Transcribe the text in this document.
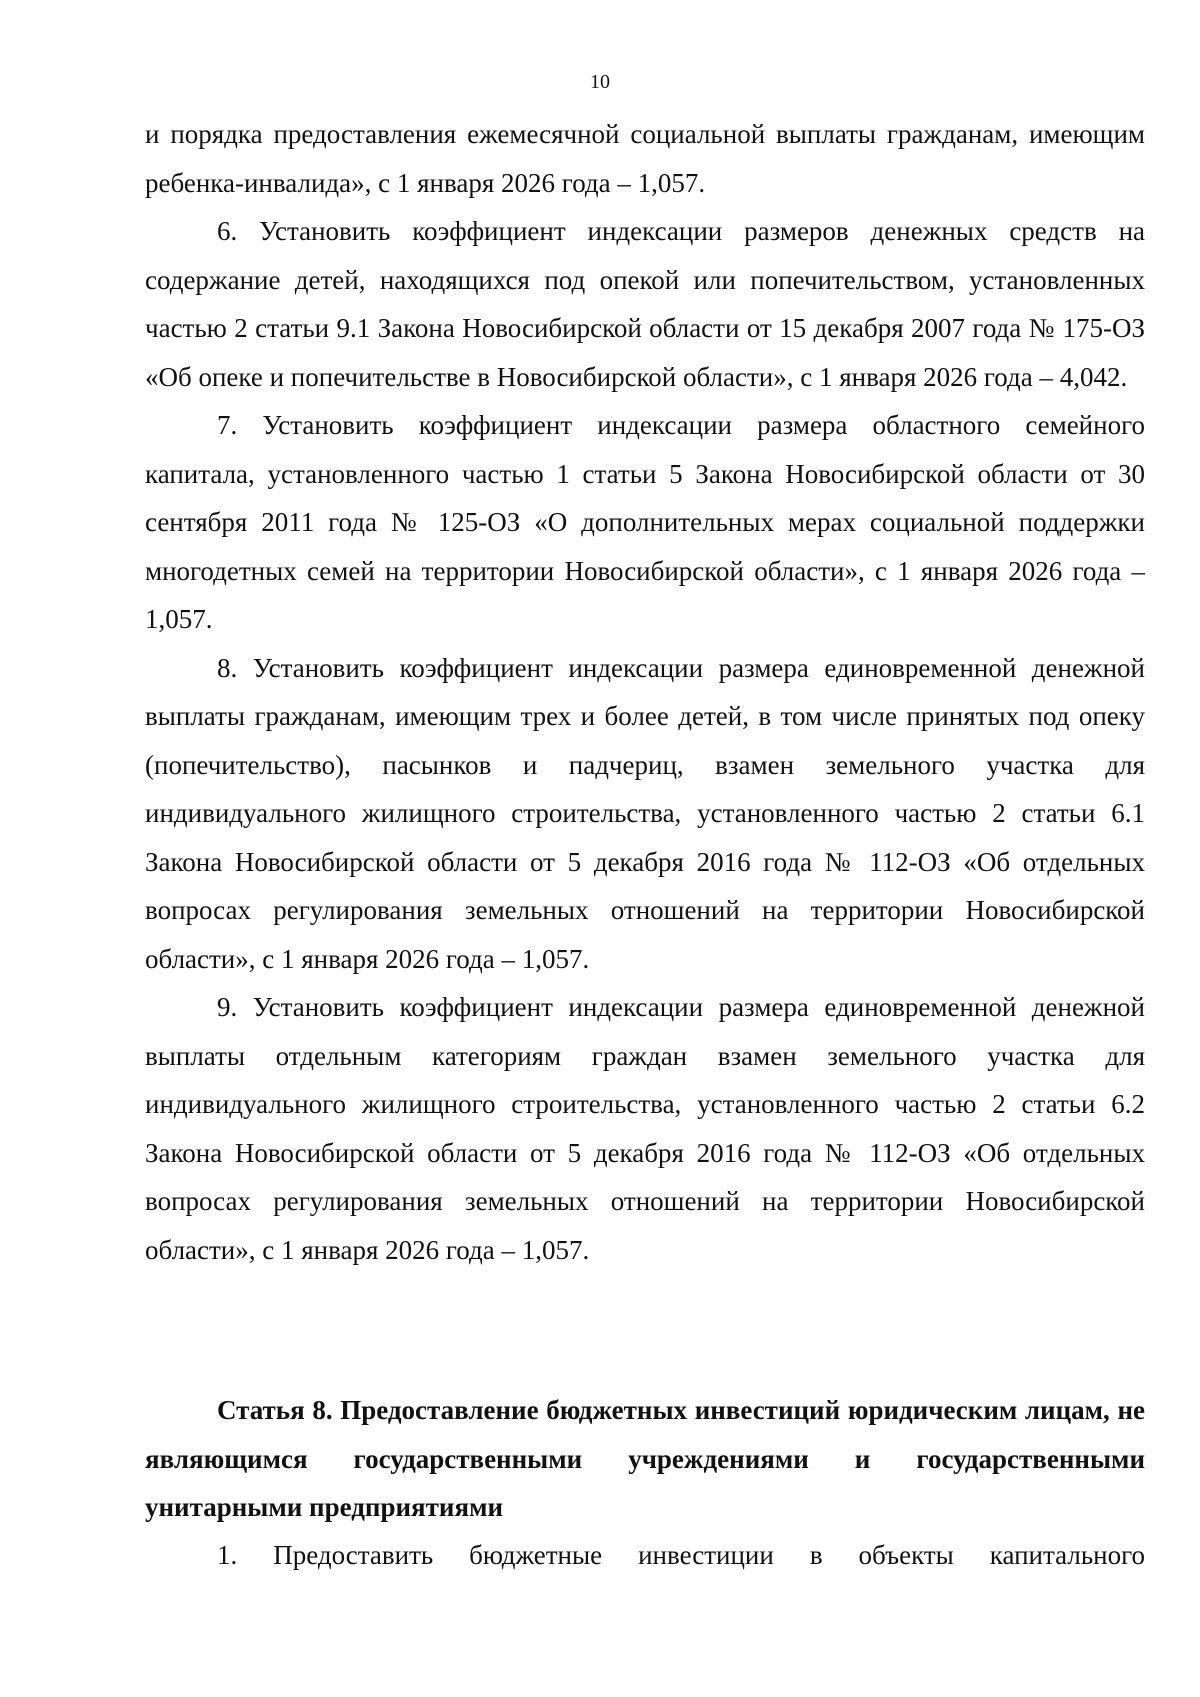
10

и порядка предоставления ежемесячной социальной выплаты гражданам, имеющим ребенка-инвалида», с 1 января 2026 года – 1,057.

6. Установить коэффициент индексации размеров денежных средств на содержание детей, находящихся под опекой или попечительством, установленных частью 2 статьи 9.1 Закона Новосибирской области от 15 декабря 2007 года № 175-ОЗ «Об опеке и попечительстве в Новосибирской области», с 1 января 2026 года – 4,042.

7. Установить коэффициент индексации размера областного семейного капитала, установленного частью 1 статьи 5 Закона Новосибирской области от 30 сентября 2011 года № 125-ОЗ «О дополнительных мерах социальной поддержки многодетных семей на территории Новосибирской области», с 1 января 2026 года – 1,057.

8. Установить коэффициент индексации размера единовременной денежной выплаты гражданам, имеющим трех и более детей, в том числе принятых под опеку (попечительство), пасынков и падчериц, взамен земельного участка для индивидуального жилищного строительства, установленного частью 2 статьи 6.1 Закона Новосибирской области от 5 декабря 2016 года № 112-ОЗ «Об отдельных вопросах регулирования земельных отношений на территории Новосибирской области», с 1 января 2026 года – 1,057.

9. Установить коэффициент индексации размера единовременной денежной выплаты отдельным категориям граждан взамен земельного участка для индивидуального жилищного строительства, установленного частью 2 статьи 6.2 Закона Новосибирской области от 5 декабря 2016 года № 112-ОЗ «Об отдельных вопросах регулирования земельных отношений на территории Новосибирской области», с 1 января 2026 года – 1,057.

Статья 8. Предоставление бюджетных инвестиций юридическим лицам, не являющимся государственными учреждениями и государственными унитарными предприятиями

1. Предоставить бюджетные инвестиции в объекты капитального
